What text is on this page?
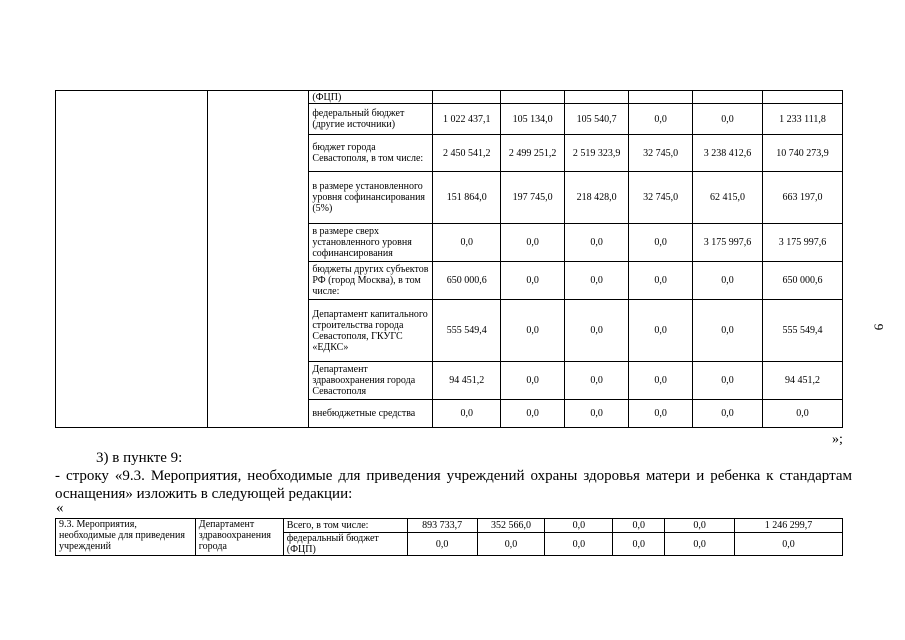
		(ФЦП)						
		федеральный бюджет (другие источники)	1 022 437,1	105 134,0	105 540,7	0,0	0,0	1 233 111,8
		бюджет города Севастополя, в том числе:	2 450 541,2	2 499 251,2	2 519 323,9	32 745,0	3 238 412,6	10 740 273,9
		в размере установленного уровня софинансирования (5%)	151 864,0	197 745,0	218 428,0	32 745,0	62 415,0	663 197,0
		в размере сверх установленного уровня софинансирования	0,0	0,0	0,0	0,0	3 175 997,6	3 175 997,6
		бюджеты других субъектов РФ (город Москва), в том числе:	650 000,6	0,0	0,0	0,0	0,0	650 000,6
		Департамент капитального строительства города Севастополя, ГКУГС «ЕДКС»	555 549,4	0,0	0,0	0,0	0,0	555 549,4
		Департамент здравоохранения города Севастополя	94 451,2	0,0	0,0	0,0	0,0	94 451,2
		внебюджетные средства	0,0	0,0	0,0	0,0	0,0	0,0
»;
3) в пункте 9:
- строку «9.3. Мероприятия, необходимые для приведения учреждений охраны здоровья матери и ребенка к стандартам оснащения» изложить в следующей редакции:
«
9
9.3. Мероприятия, необходимые для приведения учреждений	Департамент здравоохранения города	Всего, в том числе:	893 733,7	352 566,0	0,0	0,0	0,0	1 246 299,7
		федеральный бюджет (ФЦП)	0,0	0,0	0,0	0,0	0,0	0,0
